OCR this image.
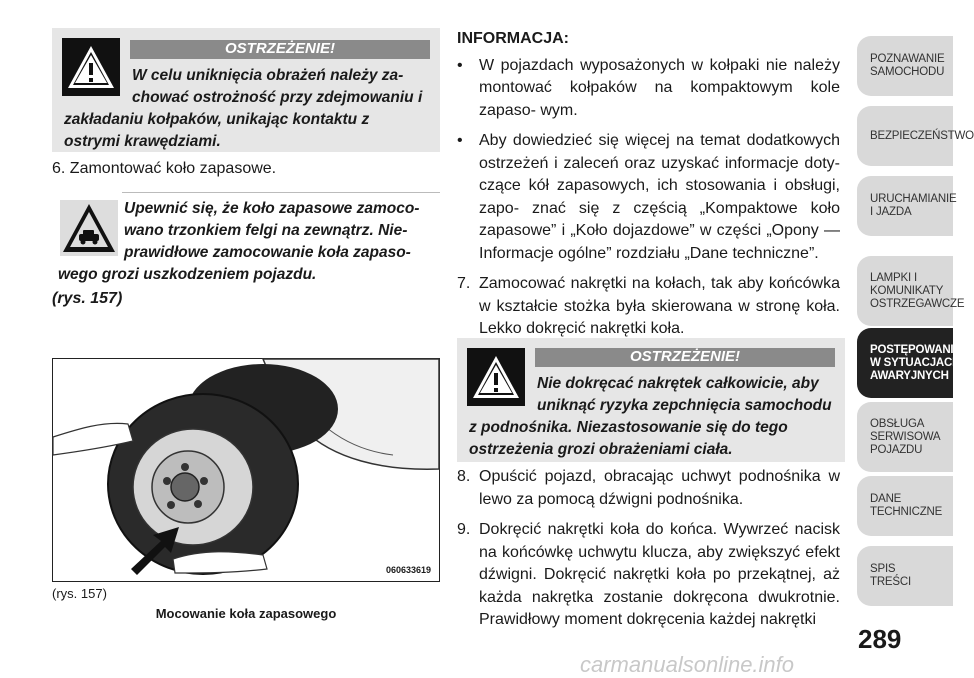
OSTRZEŻENIE!
W celu uniknięcia obrażeń należy za-
chować ostrożność przy zdejmowaniu i
zakładaniu kołpaków, unikając kontaktu z
ostrymi krawędziami.
6. Zamontować koło zapasowe.
Upewnić się, że koło zapasowe zamoco-
wano trzonkiem felgi na zewnątrz. Nie-
prawidłowe zamocowanie koła zapaso-
wego grozi uszkodzeniem pojazdu.
(rys. 157)
060633619
(rys. 157)
Mocowanie koła zapasowego
INFORMACJA:
• W pojazdach wyposażonych w kołpaki nie należy montować kołpaków na kompaktowym kole zapaso- wym.
• Aby dowiedzieć się więcej na temat dodatkowych ostrzeżeń i zaleceń oraz uzyskać informacje doty- czące kół zapasowych, ich stosowania i obsługi, zapo- znać się z częścią „Kompaktowe koło zapasowe” i „Koło dojazdowe” w części „Opony — Informacje ogólne” rozdziału „Dane techniczne”.
7. Zamocować nakrętki na kołach, tak aby końcówka w kształcie stożka była skierowana w stronę koła. Lekko dokręcić nakrętki koła.
OSTRZEŻENIE!
Nie dokręcać nakrętek całkowicie, aby
uniknąć ryzyka zepchnięcia samochodu
z podnośnika. Niezastosowanie się do tego
ostrzeżenia grozi obrażeniami ciała.
8. Opuścić pojazd, obracając uchwyt podnośnika w lewo za pomocą dźwigni podnośnika.
9. Dokręcić nakrętki koła do końca. Wywrzeć nacisk na końcówkę uchwytu klucza, aby zwiększyć efekt dźwigni. Dokręcić nakrętki koła po przekątnej, aż każda nakrętka zostanie dokręcona dwukrotnie. Prawidłowy moment dokręcenia każdej nakrętki
POZNAWANIE
SAMOCHODU
BEZPIECZEŃSTWO
URUCHAMIANIE
I JAZDA
LAMPKI I
KOMUNIKATY
OSTRZEGAWCZE
POSTĘPOWANIE
W SYTUACJACH
AWARYJNYCH
OBSŁUGA
SERWISOWA
POJAZDU
DANE
TECHNICZNE
SPIS
TREŚCI
289
carmanualsonline.info
